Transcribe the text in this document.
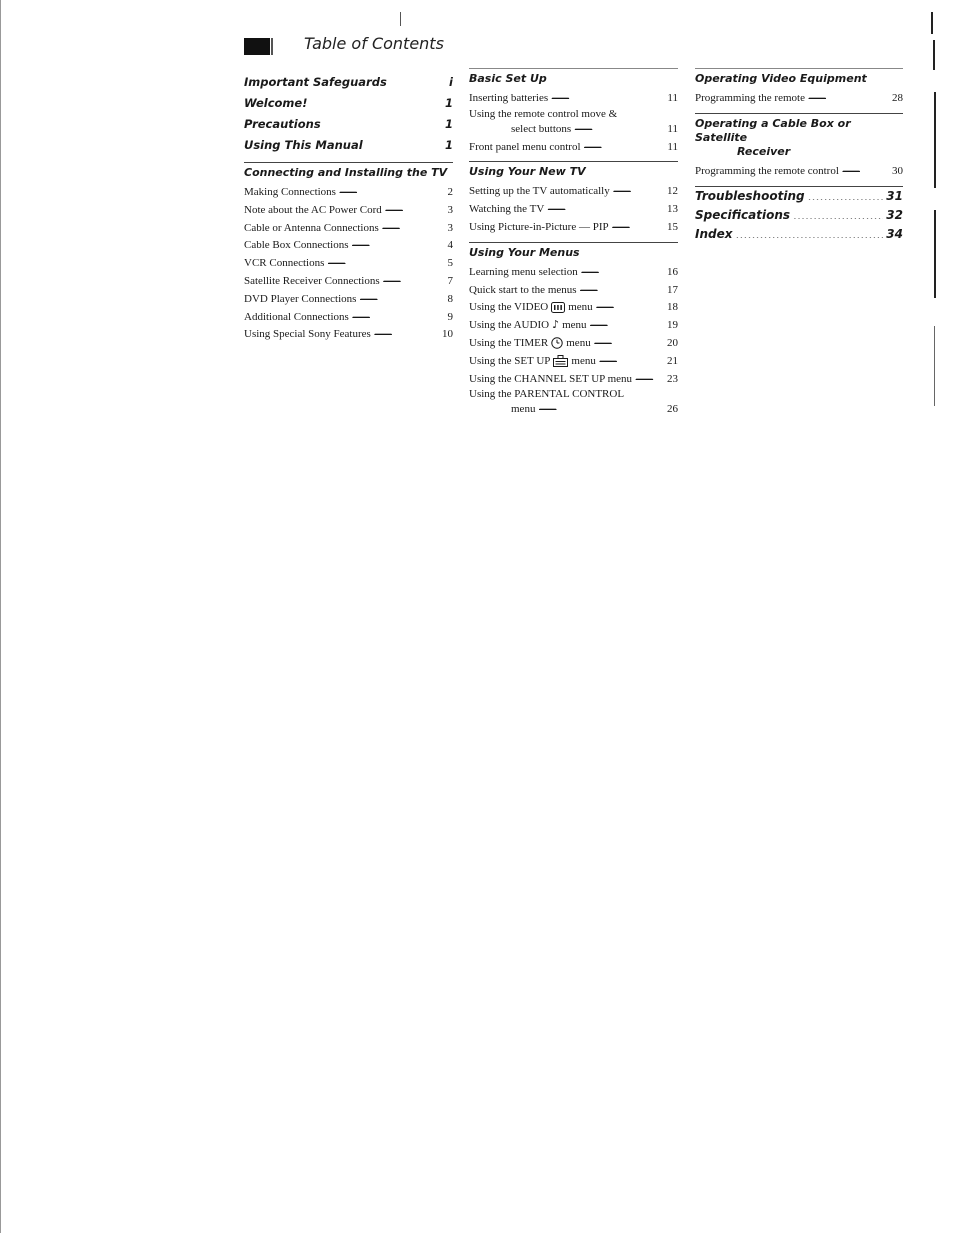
Table of Contents
Important Safeguards . . .	i
Welcome! . . .	1
Precautions . . .	1
Using This Manual . . .	1
Connecting and Installing the TV
Making Connections . . .	2
Note about the AC Power Cord . . .	3
Cable or Antenna Connections . . .	3
Cable Box Connections . . .	4
VCR Connections . . .	5
Satellite Receiver Connections . . .	7
DVD Player Connections . . .	8
Additional Connections . . .	9
Using Special Sony Features . . .	10
Basic Set Up
Inserting batteries . . .	11
Using the remote control move &
select buttons . . .	11
Front panel menu control . . .	11
Using Your New TV
Setting up the TV automatically . . .	12
Watching the TV . . .	13
Using Picture-in-Picture — PIP . . .	15
Using Your Menus
Learning menu selection . . .	16
Quick start to the menus . . .	17
Using the VIDEO menu . . .	18
Using the AUDIO ♪ menu . . .	19
Using the TIMER menu . . .	20
Using the SET UP menu . . .	21
Using the CHANNEL SET UP menu . . .	23
Using the PARENTAL CONTROL
menu . . .	26
Operating Video Equipment
Programming the remote . . .	28
Operating a Cable Box or Satellite
Receiver
Programming the remote control . . .	30
Troubleshooting . . .	31
Specifications . . .	32
Index . . .	34
